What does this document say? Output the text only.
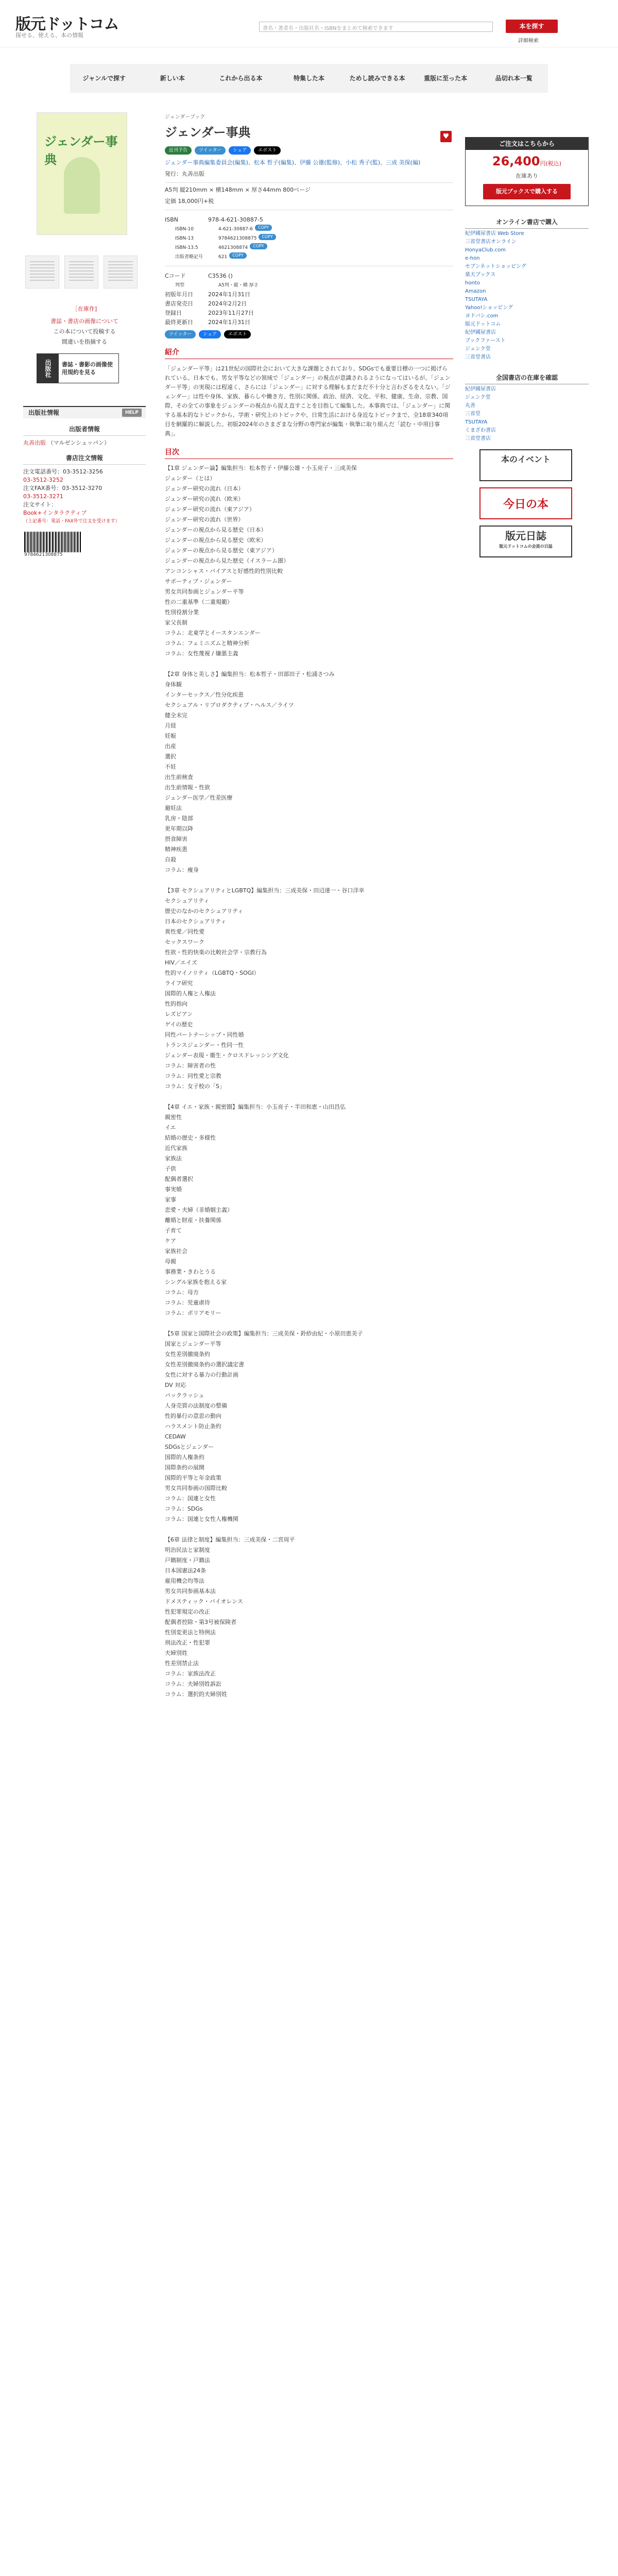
版元ドットコム
探せる、使える、本の情報
書名・著者名・出版社名・ISBNをまとめて検索できます	本を探す
詳細検索
ジャンルで探す	新しい本	これから出る本	特集した本	ためし読みできる本	重版に至った本	品切れ本一覧
ジェンダー事典
［在庫作]
書誌・書店の画像について
この本について投稿する
間違いを指摘する
出版社	書誌・書影の画像使用規約を見る
出版社情報	HELP
出版者情報
丸善出版 （マルゼンシュッパン）
書店注文情報
注文電話番号：03-3512-3256
03-3512-3252
注文FAX番号：03-3512-3270
03-3512-3271
注文サイト：
Book+インタラクティブ
（上記番号：電話・FAX外で注文を受けます）
9784621308875
ジェンダーブック
ジェンダー事典	♥
近刊予告	ツイッター	シェア	エボスト
ジェンダー事典編集委員会(編集)、松本 哲子(編集)、伊藤 公雄(監修)、小松 秀子(監)、三成 美保(編)
発行：丸善出版
A5判 縦210mm × 横148mm × 厚さ44mm 800ページ
定価 18,000円+税
ISBN	978-4-621-30887-5
ISBN-10	4-621-30887-6	COPY
ISBN-13	9784621308875	COPY
ISBN-13.5	4621308874	COPY
出版者略記号	621	COPY
Cコード	C3536 ()
判型	A5判・縦・横 厚さ
初版年月日	2024年1月31日
書店発売日	2024年2月2日
登録日	2023年11月27日
最終更新日	2024年1月31日
ツイッター	シェア	エボスト
紹介
「ジェンダー平等」は21世紀の国際社会において大きな課題とされており、SDGsでも重要目標の一つに掲げられている。日本でも、男女平等などの領域で「ジェンダー」の視点が意識されるようになってはいるが、「ジェンダー平等」の実現には程遠く、さらには「ジェンダー」に対する理解もまだまだ不十分と言わざるをえない。「ジェンダー」は性や身体、家族、暮らしや働き方、性別に関係、政治、経済、文化、平和、健康、生命、宗教、国際、その全ての事象をジェンダーの視点から捉え直すことを目指して編集した。本事典では、「ジェンダー」に関する基本的なトピックから、学術・研究上のトピックや、日常生活における身近なトピックまで、全18章340項目を網羅的に解説した。初版2024年のさまざまな分野の専門家が編集・執筆に取り組んだ「読む・中項目事典」。
目次
【1章 ジェンダー論】編集担当：松本哲子・伊藤公雄・小玉亮子・三成美保
ジェンダー（とは）
ジェンダー研究の流れ（日本）
ジェンダー研究の流れ（欧米）
ジェンダー研究の流れ（東アジア）
ジェンダー研究の流れ（世界）
ジェンダーの視点から見る歴史（日本）
ジェンダーの視点から見る歴史（欧米）
ジェンダーの視点から見る歴史（東アジア）
ジェンダーの視点から見た歴史（イスラーム圏）
アンコンシャス・バイアスと好感性的性別比較
サポーティブ・ジェンダー
男女共同参画とジェンダー平等
性の二重基準（二重規範）
性別役割分業
家父長制
コラム：北東学とイースタンエンダー
コラム：フェミニズムと精神分析
コラム：女性蔑視 / 嫌悪主義
【2章 身体と美しさ】編集担当：松本哲子・田部田子・松浦さつみ
身体観
インターセックス／性分化疾患
セクシュアル・リプロダクティブ・ヘルス／ライツ
健全未完
月経
妊娠
出産
選択
不妊
出生前検査
出生前情報・性欲
ジェンダー医学／性差医療
避妊法
乳房・陰部
更年期以降
摂食障害
精神疾患
自殺
コラム：痩身
【3章 セクシュアリティとLGBTQ】編集担当：三成美保・田辺達一・谷口洋幸
セクシュアリティ
歴史のなかのセクシュアリティ
日本のセクシュアリティ
異性愛／同性愛
セックスワーク
性欲・性的快楽の比較社会学・宗教行為
HIV／エイズ
性的マイノリティ（LGBTQ・SOGI）
ライフ研究
国際的人権と人権法
性的指向
レズビアン
ゲイの歴史
同性パートナーシップ・同性婚
トランスジェンダー・性同一性
ジェンダー表現・衛生・クロスドレッシング文化
コラム：障害者の性
コラム：同性愛と宗教
コラム：女子校の「S」
【4章 イエ・家族・親密圏】編集担当：小玉亮子・半田和恵・山田昌弘
親密性
イエ
結婚の歴史・多様性
近代家族
家族法
子供
配偶者選択
事実婚
家事
恋愛・夫婦（非婚姻主義）
離婚と財産・扶養関係
子育て
ケア
家族社会
母親
事務業・きわとうる
シングル家族を抱える家
コラム：母方
コラム：児童虐待
コラム：ポリアモリー
【5章 国家と国際社会の政策】編集担当：三成美保・鈴紗由紀・小原田恵美子
国家とジェンダー平等
女性差別撤廃条約
女性差別撤廃条約の選択議定書
女性に対する暴力の行動計画
DV 対応
バックラッシュ
人身売買の法制度の整備
性的暴行の意思の動向
ハラスメント防止条約
CEDAW
SDGsとジェンダー
国際的人権条約
国際条約の展開
国際的平等と年金政策
男女共同参画の国際比較
コラム：国連と女性
コラム：SDGs
コラム：国連と女性人権機関
【6章 法律と制度】編集担当：三成美保・二宮周平
明治民法と家制度
戸籍制度・戸籍法
日本国憲法24条
雇用機会均等法
男女共同参画基本法
ドメスティック・バイオレンス
性犯罪規定の改正
配偶者控除・第3号被保険者
性別変更法と特例法
刑法改正・性犯罪
夫婦別姓
性差別禁止法
コラム：家族法改正
コラム：夫婦別姓訴訟
コラム：選択的夫婦別姓
ご注文はこちらから
26,400円(税込)
在庫あり
版元ブックスで購入する
オンライン書店で購入
紀伊國屋書店 Web Store
三省堂書店オンライン
HonyaClub.com
e-hon
セブンネットショッピング
楽天ブックス
honto
Amazon
TSUTAYA
Yahoo!ショッピング
ヨドバシ.com
版元ドットコム
紀伊國屋書店
ブックファースト
ジュンク堂
三省堂書店
全国書店の在庫を確認
紀伊國屋書店
ジュンク堂
丸善
三省堂
TSUTAYA
くまざわ書店
三省堂書店
本のイベント
今日の本
版元日誌
版元ドットコムの会員の日誌
